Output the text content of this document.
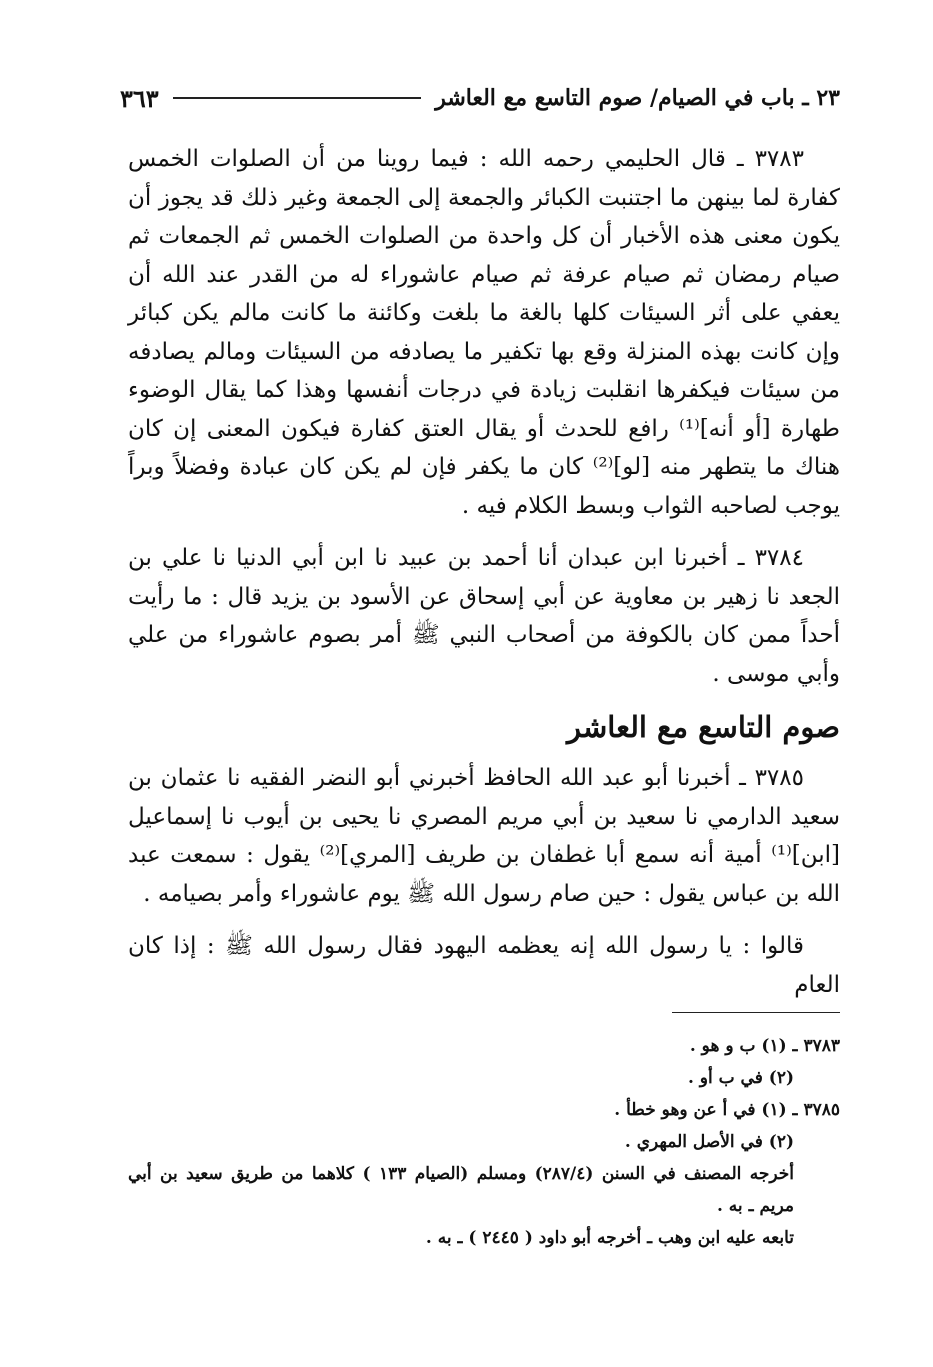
٢٣ ـ باب في الصيام/ صوم التاسع مع العاشر
٣٦٣

٣٧٨٣ ـ قال الحليمي رحمه الله : فيما روينا من أن الصلوات الخمس كفارة لما بينهن ما اجتنبت الكبائر والجمعة إلى الجمعة وغير ذلك قد يجوز أن يكون معنى هذه الأخبار أن كل واحدة من الصلوات الخمس ثم الجمعات ثم صيام رمضان ثم صيام عرفة ثم صيام عاشوراء له من القدر عند الله أن يعفي على أثر السيئات كلها بالغة ما بلغت وكائنة ما كانت مالم يكن كبائر وإن كانت بهذه المنزلة وقع بها تكفير ما يصادفه من السيئات ومالم يصادفه من سيئات فيكفرها انقلبت زيادة في درجات أنفسها وهذا كما يقال الوضوء طهارة [أو أنه]⁽¹⁾ رافع للحدث أو يقال العتق كفارة فيكون المعنى إن كان هناك ما يتطهر منه [لو]⁽²⁾ كان ما يكفر فإن لم يكن كان عبادة وفضلاً وبراً يوجب لصاحبه الثواب وبسط الكلام فيه .

٣٧٨٤ ـ أخبرنا ابن عبدان أنا أحمد بن عبيد نا ابن أبي الدنيا نا علي بن الجعد نا زهير بن معاوية عن أبي إسحاق عن الأسود بن يزيد قال : ما رأيت أحداً ممن كان بالكوفة من أصحاب النبي ﷺ أمر بصوم عاشوراء من علي وأبي موسى .

صوم التاسع مع العاشر

٣٧٨٥ ـ أخبرنا أبو عبد الله الحافظ أخبرني أبو النضر الفقيه نا عثمان بن سعيد الدارمي نا سعيد بن أبي مريم المصري نا يحيى بن أيوب نا إسماعيل [ابن]⁽¹⁾ أمية أنه سمع أبا غطفان بن طريف [المري]⁽²⁾ يقول : سمعت عبد الله بن عباس يقول : حين صام رسول الله ﷺ يوم عاشوراء وأمر بصيامه .

قالوا : يا رسول الله إنه يعظمه اليهود فقال رسول الله ﷺ : إذا كان العام

٣٧٨٣ ـ (١) ب و هو .

(٢) في ب أو .

٣٧٨٥ ـ (١) في أ عن وهو خطأ .

(٢) في الأصل المهري .

أخرجه المصنف في السنن (٢٨٧/٤) ومسلم (الصيام ١٣٣ ) كلاهما من طريق سعيد بن أبي مريم ـ به .

تابعه عليه ابن وهب ـ أخرجه أبو داود ( ٢٤٤٥ ) ـ به .
